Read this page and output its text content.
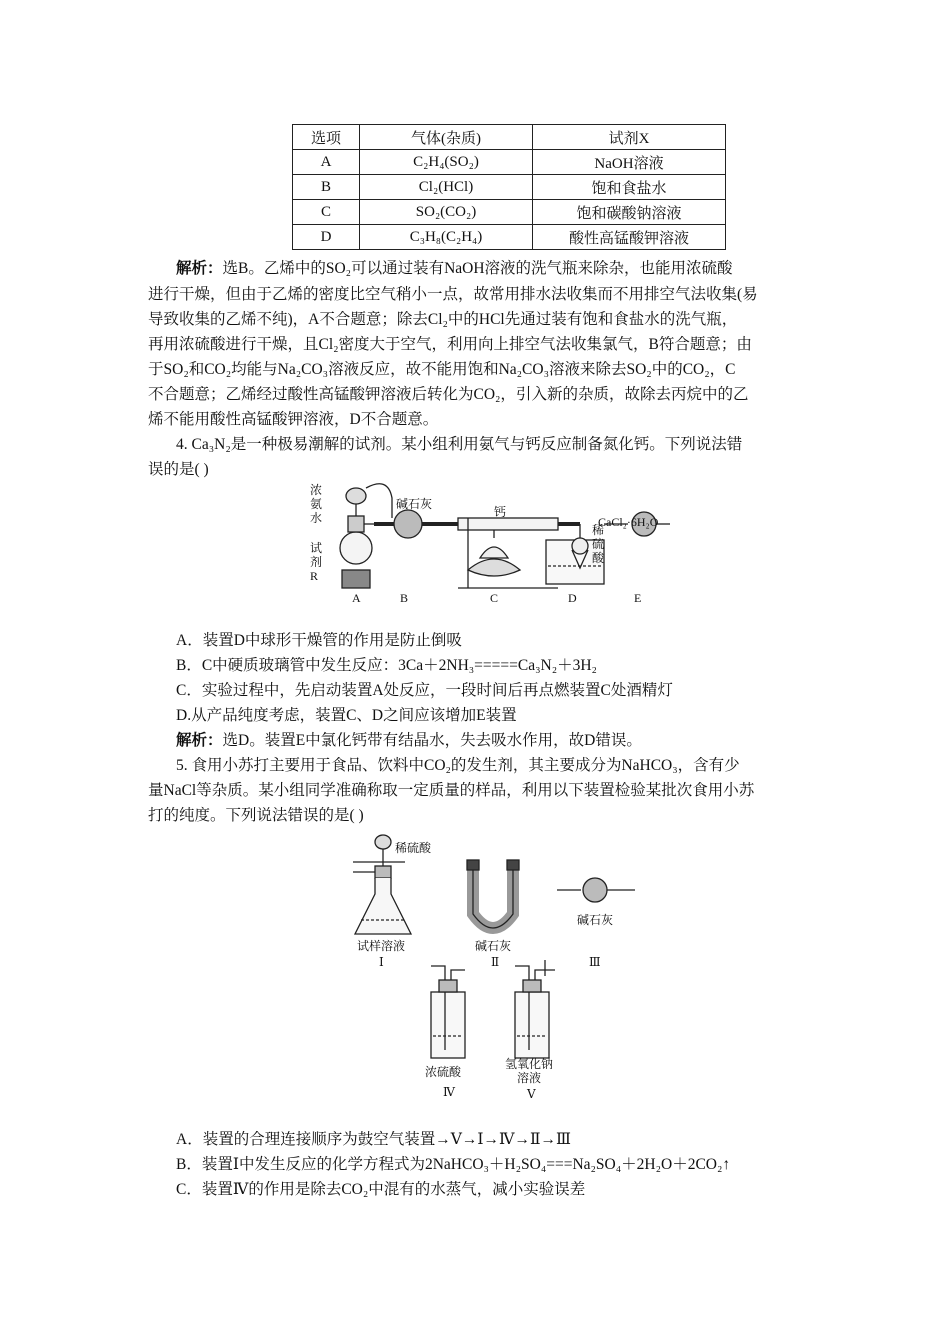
选项	气体(杂质)	试剂X
A	C₂H₄(SO₂)	NaOH溶液
B	Cl₂(HCl)	饱和食盐水
C	SO₂(CO₂)	饱和碳酸钠溶液
D	C₃H₈(C₂H₄)	酸性高锰酸钾溶液
解析：选B。乙烯中的SO₂可以通过装有NaOH溶液的洗气瓶来除杂，也能用浓硫酸
进行干燥，但由于乙烯的密度比空气稍小一点，故常用排水法收集而不用排空气法收集(易
导致收集的乙烯不纯)，A不合题意；除去Cl₂中的HCl先通过装有饱和食盐水的洗气瓶，
再用浓硫酸进行干燥，且Cl₂密度大于空气，利用向上排空气法收集氯气，B符合题意；由
于SO₂和CO₂均能与Na₂CO₃溶液反应，故不能用饱和Na₂CO₃溶液来除去SO₂中的CO₂，C
不合题意；乙烯经过酸性高锰酸钾溶液后转化为CO₂，引入新的杂质，故除去丙烷中的乙
烯不能用酸性高锰酸钾溶液，D不合题意。
4. Ca₃N₂是一种极易潮解的试剂。某小组利用氨气与钙反应制备氮化钙。下列说法错
误的是( )
浓
氨
水
试
剂
R
碱石灰
钙
CaCl₂·6H₂O
稀
硫
酸
A	B	C	D	E
A．装置D中球形干燥管的作用是防止倒吸
B．C中硬质玻璃管中发生反应：3Ca＋2NH₃=====Ca₃N₂＋3H₂
C．实验过程中，先启动装置A处反应，一段时间后再点燃装置C处酒精灯
D.从产品纯度考虑，装置C、D之间应该增加E装置
解析：选D。装置E中氯化钙带有结晶水，失去吸水作用，故D错误。
5. 食用小苏打主要用于食品、饮料中CO₂的发生剂，其主要成分为NaHCO₃，含有少
量NaCl等杂质。某小组同学准确称取一定质量的样品，利用以下装置检验某批次食用小苏
打的纯度。下列说法错误的是( )
稀硫酸
试样溶液
Ⅰ
碱石灰
Ⅱ
碱石灰
Ⅲ
浓硫酸
Ⅳ
氢氧化钠
溶液
Ⅴ
A．装置的合理连接顺序为鼓空气装置→Ⅴ→Ⅰ→Ⅳ→Ⅱ→Ⅲ
B．装置Ⅰ中发生反应的化学方程式为2NaHCO₃＋H₂SO₄===Na₂SO₄＋2H₂O＋2CO₂↑
C．装置Ⅳ的作用是除去CO₂中混有的水蒸气，减小实验误差
